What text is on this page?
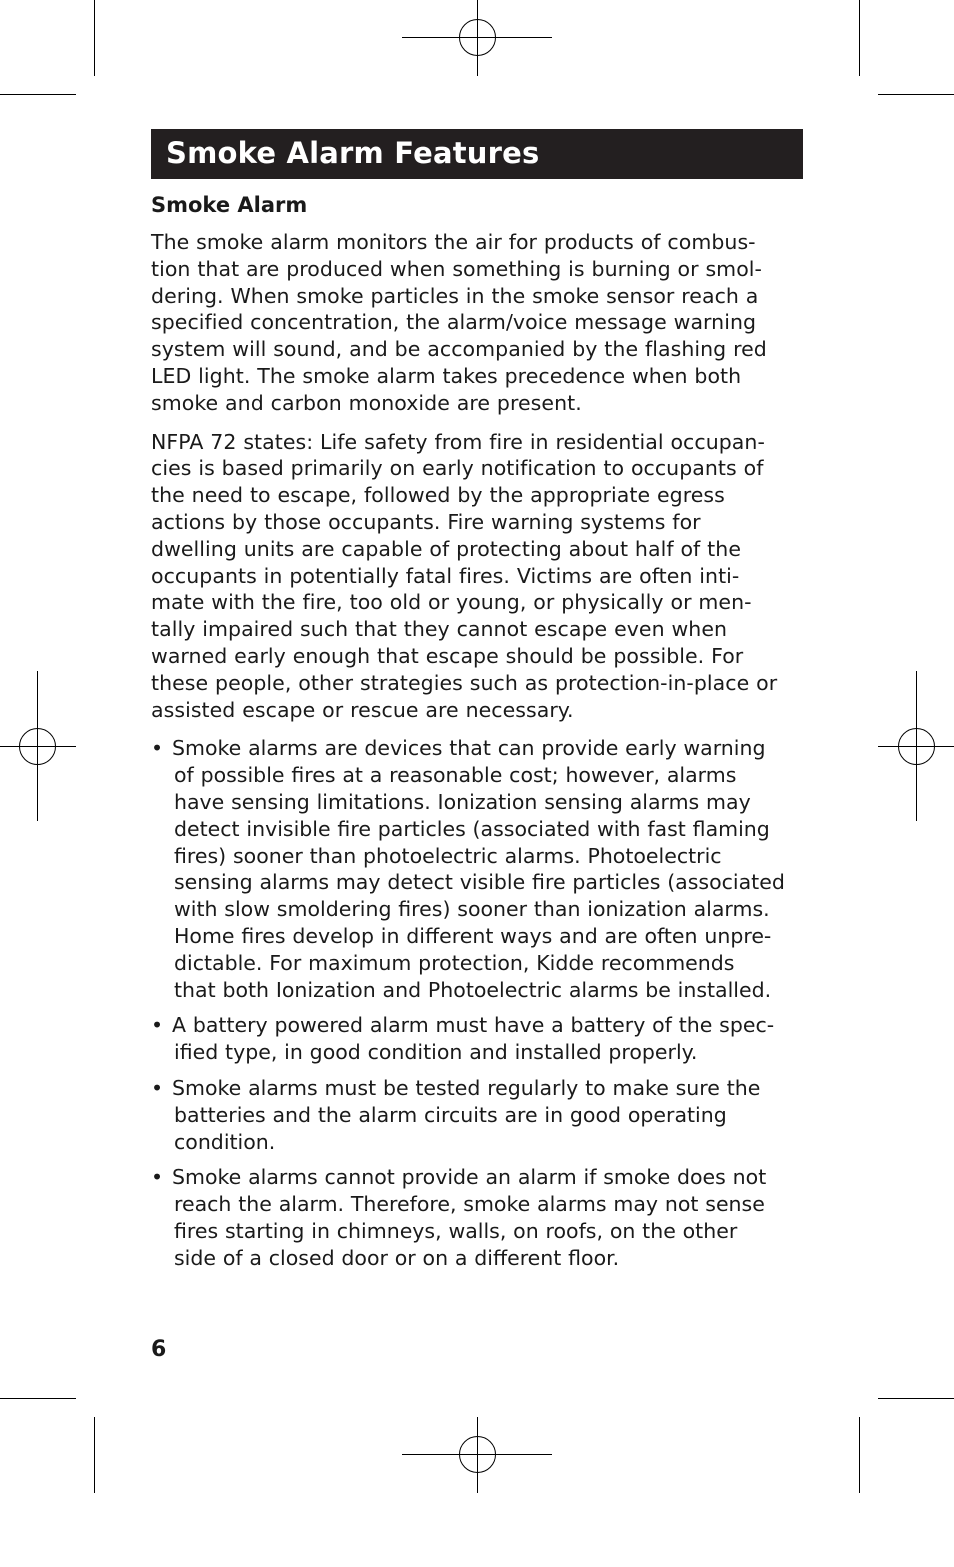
Smoke Alarm Features
Smoke Alarm

The smoke alarm monitors the air for products of combus-
tion that are produced when something is burning or smol-
dering. When smoke particles in the smoke sensor reach a
specified concentration, the alarm/voice message warning
system will sound, and be accompanied by the flashing red
LED light. The smoke alarm takes precedence when both
smoke and carbon monoxide are present.

NFPA 72 states: Life safety from fire in residential occupan-
cies is based primarily on early notification to occupants of
the need to escape, followed by the appropriate egress
actions by those occupants. Fire warning systems for
dwelling units are capable of protecting about half of the
occupants in potentially fatal fires. Victims are often inti-
mate with the fire, too old or young, or physically or men-
tally impaired such that they cannot escape even when
warned early enough that escape should be possible. For
these people, other strategies such as protection-in-place or
assisted escape or rescue are necessary.

• Smoke alarms are devices that can provide early warning
of possible fires at a reasonable cost; however, alarms
have sensing limitations. Ionization sensing alarms may
detect invisible fire particles (associated with fast flaming
fires) sooner than photoelectric alarms. Photoelectric
sensing alarms may detect visible fire particles (associated
with slow smoldering fires) sooner than ionization alarms.
Home fires develop in different ways and are often unpre-
dictable. For maximum protection, Kidde recommends
that both Ionization and Photoelectric alarms be installed.
• A battery powered alarm must have a battery of the spec-
ified type, in good condition and installed properly.
• Smoke alarms must be tested regularly to make sure the
batteries and the alarm circuits are in good operating
condition.
• Smoke alarms cannot provide an alarm if smoke does not
reach the alarm. Therefore, smoke alarms may not sense
fires starting in chimneys, walls, on roofs, on the other
side of a closed door or on a different floor.
6
